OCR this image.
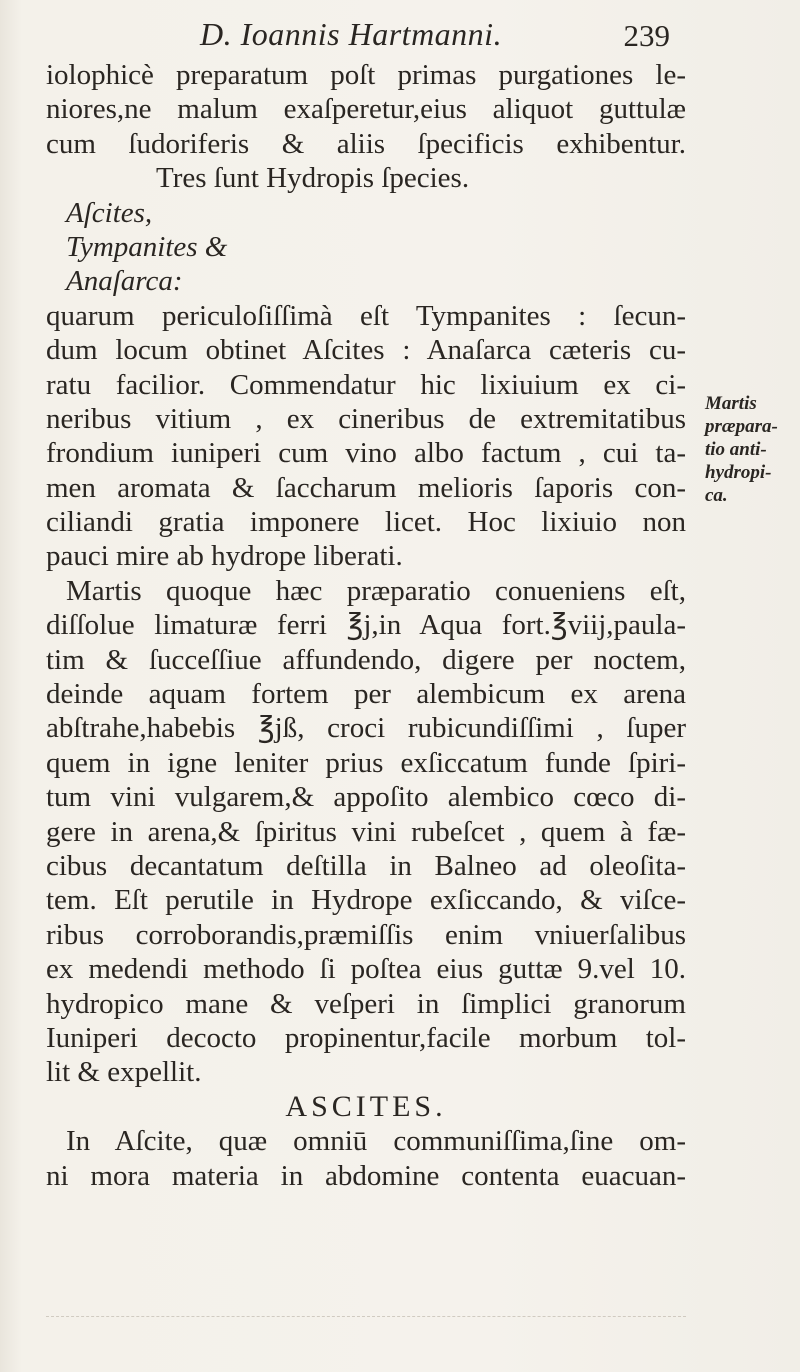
D. Ioannis Hartmanni.	239
iolophicè preparatum poſt primas purgationes le-
niores,ne malum exaſperetur,eius aliquot guttulæ
cum ſudoriferis & aliis ſpecificis exhibentur.
Tres ſunt Hydropis ſpecies.
Aſcites,
Tympanites &
Anaſarca:
quarum periculoſiſſimà eſt Tympanites : ſecun-
dum locum obtinet Aſcites : Anaſarca cæteris cu-
ratu facilior. Commendatur hic lixiuium ex ci-
neribus vitium , ex cineribus de extremitatibus
frondium iuniperi cum vino albo factum , cui ta-
men aromata & ſaccharum melioris ſaporis con-
ciliandi gratia imponere licet. Hoc lixiuio non
pauci mire ab hydrope liberati.
Martis quoque hæc præparatio conueniens eſt,
diſſolue limaturæ ferri ℥j,in Aqua fort.℥viij,paula-
tim & ſucceſſiue affundendo, digere per noctem,
deinde aquam fortem per alembicum ex arena
abſtrahe,habebis ℥jß, croci rubicundiſſimi , ſuper
quem in igne leniter prius exſiccatum funde ſpiri-
tum vini vulgarem,& appoſito alembico cœco di-
gere in arena,& ſpiritus vini rubeſcet , quem à fæ-
cibus decantatum deſtilla in Balneo ad oleoſita-
tem. Eſt perutile in Hydrope exſiccando, & viſce-
ribus corroborandis,præmiſſis enim vniuerſalibus
ex medendi methodo ſi poſtea eius guttæ 9.vel 10.
hydropico mane & veſperi in ſimplici granorum
Iuniperi decocto propinentur,facile morbum tol-
lit & expellit.
ASCITES.
In Aſcite, quæ omniū communiſſima,ſine om-
ni mora materia in abdomine contenta euacuan-
Martis
præpara-
tio anti-
hydropi-
ca.
